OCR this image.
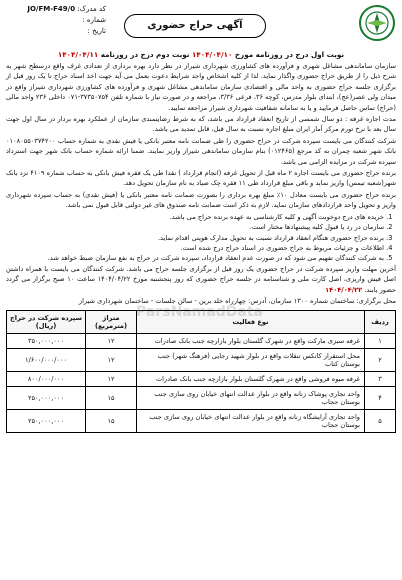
آگهی حراج حضوری
کد مدرک: JO/FM-F49/0
شماره :
تاریخ :
نوبت اول درج در روزنامه مورخ ۱۴۰۴/۰۴/۱۰ نوبت دوم درج در روزنامه ۱۴۰۴/۰۴/۱۱

سازمان ساماندهی مشاغل شهری و فرآورده های کشاورزی شهرداری شیراز در نظر دارد بهره برداری از تعدادی غرف واقع درسطح شهر به شرح ذیل را از طریق حراج حضوری واگذار نماید. لذا از کلیه اشخاص واجد شرایط دعوت بعمل می آید جهت اخذ اسناد حراج تا یک روز قبل از برگزاری جلسه حراج حضوری به واحد مالی و اقتصادی سازمان ساماندهی مشاغل شهری و فرآورده های کشاورزی شهرداری شیراز واقع در میدان ولی عصر(عج)، ابتدای بلوار مدرس، کوچه ۳۶، فرعی ۳/۳۶، مراجعه و در صورت نیاز با شماره تلفن ۳۷۳۵۰۷۵۴-۰۷۱ داخلی ۲۳۶ واحد مالی (حراج) تماس حاصل فرمایید و یا به سامانه شفافیت شهرداری شیراز مراجعه نمایید.

مدت اجاره غرفه : دو سال شمسی از تاریخ انعقاد قرارداد می باشد، که به شرط رضایتمندی سازمان از عملکرد بهره بردار در سال اول جهت سال بعد با نرخ تورم مرکز آمار ایران مبلغ اجاره نسبت به سال قبل، قابل تمدید می باشد.

شرکت کنندگان می بایست سپرده شرکت در حراج حضوری را طی ضمانت نامه معتبر بانکی یا فیش نقدی به شماره حساب ۰۱۰۸۰۵۵۰۳۷۴۲۰۰ بانک شهر شعبه چمران به کد مرجع (۰۱۲۴۶۵) بنام سازمان ساماندهی شیراز واریز نمایند. ضمنا ارائه شماره حساب بانک شهر جهت استرداد سپرده شرکت در مزایده الزامی می باشد.

برنده حراج حضوری می بایست اجاره ۲ ماه قبل از تحویل غرفه (انجام قرارداد ) نقدا طی یک فقره فیش بانکی به حساب شماره ۴۱۰۹ نزد بانک شهر(شعبه تیمس) واریز نماید و باقی مبلغ قرارداد طی ۱۱ فقره چک صیاد به نام سازمان تحویل دهد.

برنده حراج حضوری می بایست معادل ۱۰٪ مبلغ بهره برداری را بصورت ضمانت نامه معتبر بانکی یا (فیش نقدی) به حساب سپرده شهرداری واریز و تحویل واحد قراردادهای سازمان نماید. لازم به ذکر است ضمانت نامه صندوق های غیر دولتی قابل قبول نمی باشد.

1. خریده های درج دوخوبت آگهی و کلیه کارشناسی به عهده برنده حراج می باشد.
2. سازمان در رد یا قبول کلیه پیشنهادها مختار است.
3. برنده حراج حضوری هنگام انعقاد قرارداد نسبت به تحویل مدارک هویتی اقدام نماید.
4. اطلاعات و جزئیات مربوط به حراج حضوری در اسناد حراج درج شده است.
5. به شرکت کنندگان تفهیم می شود که در صورت عدم انعقاد قرارداد، سپرده شرکت در حراج به نفع سازمان ضبط خواهد شد.

آخرین مهلت واریز سپرده شرکت در حراج حضوری یک روز قبل از برگزاری جلسه حراج می باشد. شرکت کنندگان می بایست با همراه داشتن اصل فیش واریزی، اصل کارت ملی و شناسنامه در جلسه حراج حضوری که روز پنجشنبه مورخ ۱۴۰۴/۰۴/۲۲ ساعت ۱۰ صبح برگزار می گردد حضور یابند. ۱۴۰۴/۰۴/۲۲

محل برگزاری: ساختمان شماره ۱۳۰۰ سازمان، آدرس: چهارراه خلد برین - سالن جلسات - ساختمان شهرداری شیراز

ردیف	نوع فعالیت	متراژ (مترمربع)	سپرده شرکت در حراج (ریال)
۱	غرفه سبزی مارکت واقع در شهرک گلستان بلوار بازارچه جنب بانک صادرات	۱۲	۳۵۰,۰۰۰,۰۰۰
۲	محل استقرار کانکس تنقلات واقع در بلوار شهید رجایی (فرهنگ شهر) جنب بوستان کتاب	۱۲	۱/۶۰۰/۰۰۰/۰۰۰
۳	غرفه میوه فروشی واقع در شهرک گلستان بلوار بازارچه جنب بانک صادرات	۱۲	۸۰۰/۰۰۰/۰۰۰
۴	واحد تجاری پوشاک زنانه واقع در بلوار عدالت انتهای خیابان روی سازی جنب بوستان حجاب	۱۵	۲۵۰,۰۰۰,۰۰۰
۵	واحد تجاری آرایشگاه زنانه واقع در بلوار عدالت انتهای خیابان روی سازی جنب بوستان حجاب	۱۵	۲۵۰,۰۰۰,۰۰۰
ParsNamadData
